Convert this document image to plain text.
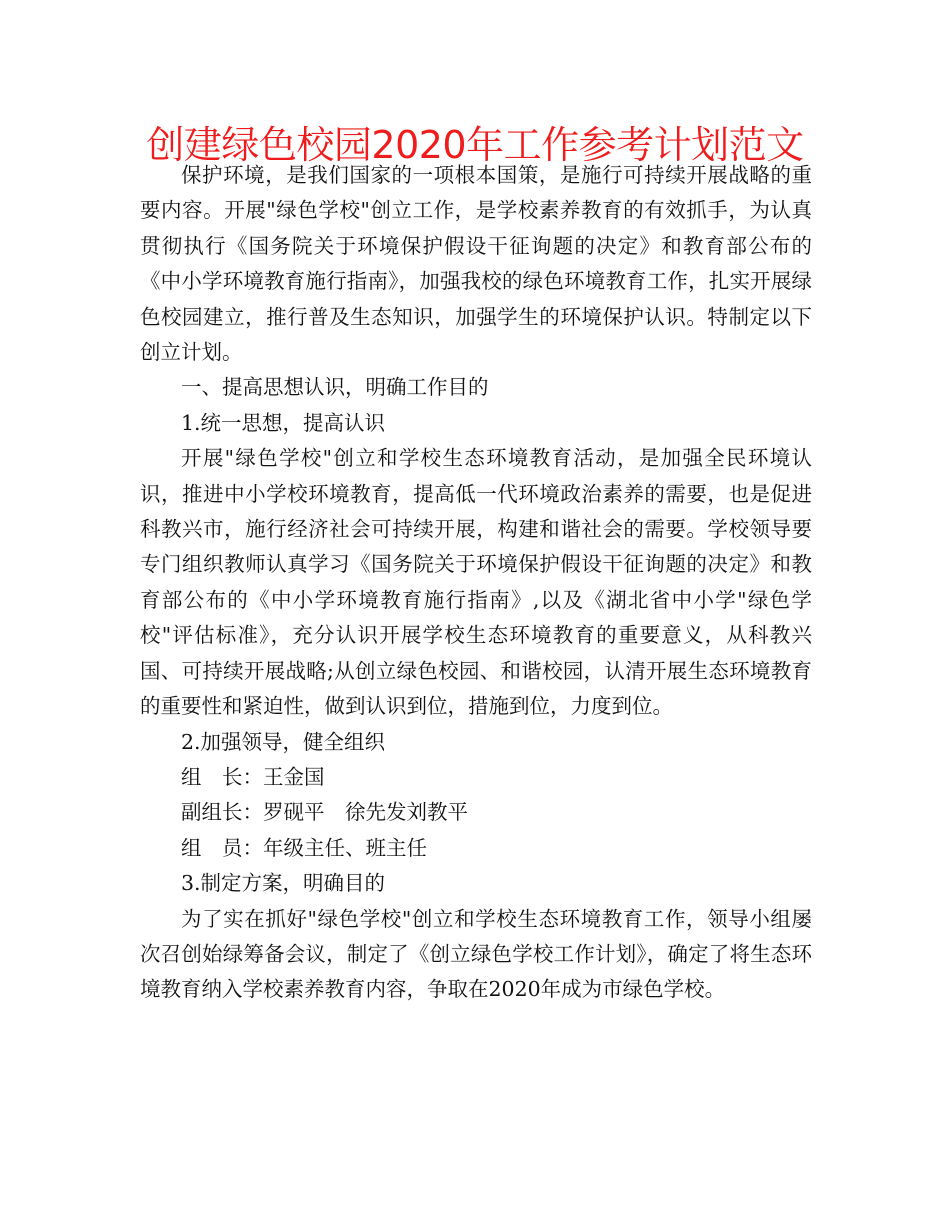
创建绿色校园2020年工作参考计划范文

保护环境，是我们国家的一项根本国策，是施行可持续开展战略的重要内容。开展"绿色学校"创立工作，是学校素养教育的有效抓手，为认真贯彻执行《国务院关于环境保护假设干征询题的决定》和教育部公布的《中小学环境教育施行指南》，加强我校的绿色环境教育工作，扎实开展绿色校园建立，推行普及生态知识，加强学生的环境保护认识。特制定以下创立计划。

一、提高思想认识，明确工作目的

1.统一思想，提高认识

开展"绿色学校"创立和学校生态环境教育活动，是加强全民环境认识，推进中小学校环境教育，提高低一代环境政治素养的需要，也是促进科教兴市，施行经济社会可持续开展，构建和谐社会的需要。学校领导要专门组织教师认真学习《国务院关于环境保护假设干征询题的决定》和教育部公布的《中小学环境教育施行指南》,以及《湖北省中小学"绿色学校"评估标准》，充分认识开展学校生态环境教育的重要意义，从科教兴国、可持续开展战略;从创立绿色校园、和谐校园，认清开展生态环境教育的重要性和紧迫性，做到认识到位，措施到位，力度到位。

2.加强领导，健全组织

组　长：王金国

副组长：罗砚平　徐先发刘教平

组　员：年级主任、班主任

3.制定方案，明确目的

为了实在抓好"绿色学校"创立和学校生态环境教育工作，领导小组屡次召创始绿筹备会议，制定了《创立绿色学校工作计划》，确定了将生态环境教育纳入学校素养教育内容，争取在2020年成为市绿色学校。
